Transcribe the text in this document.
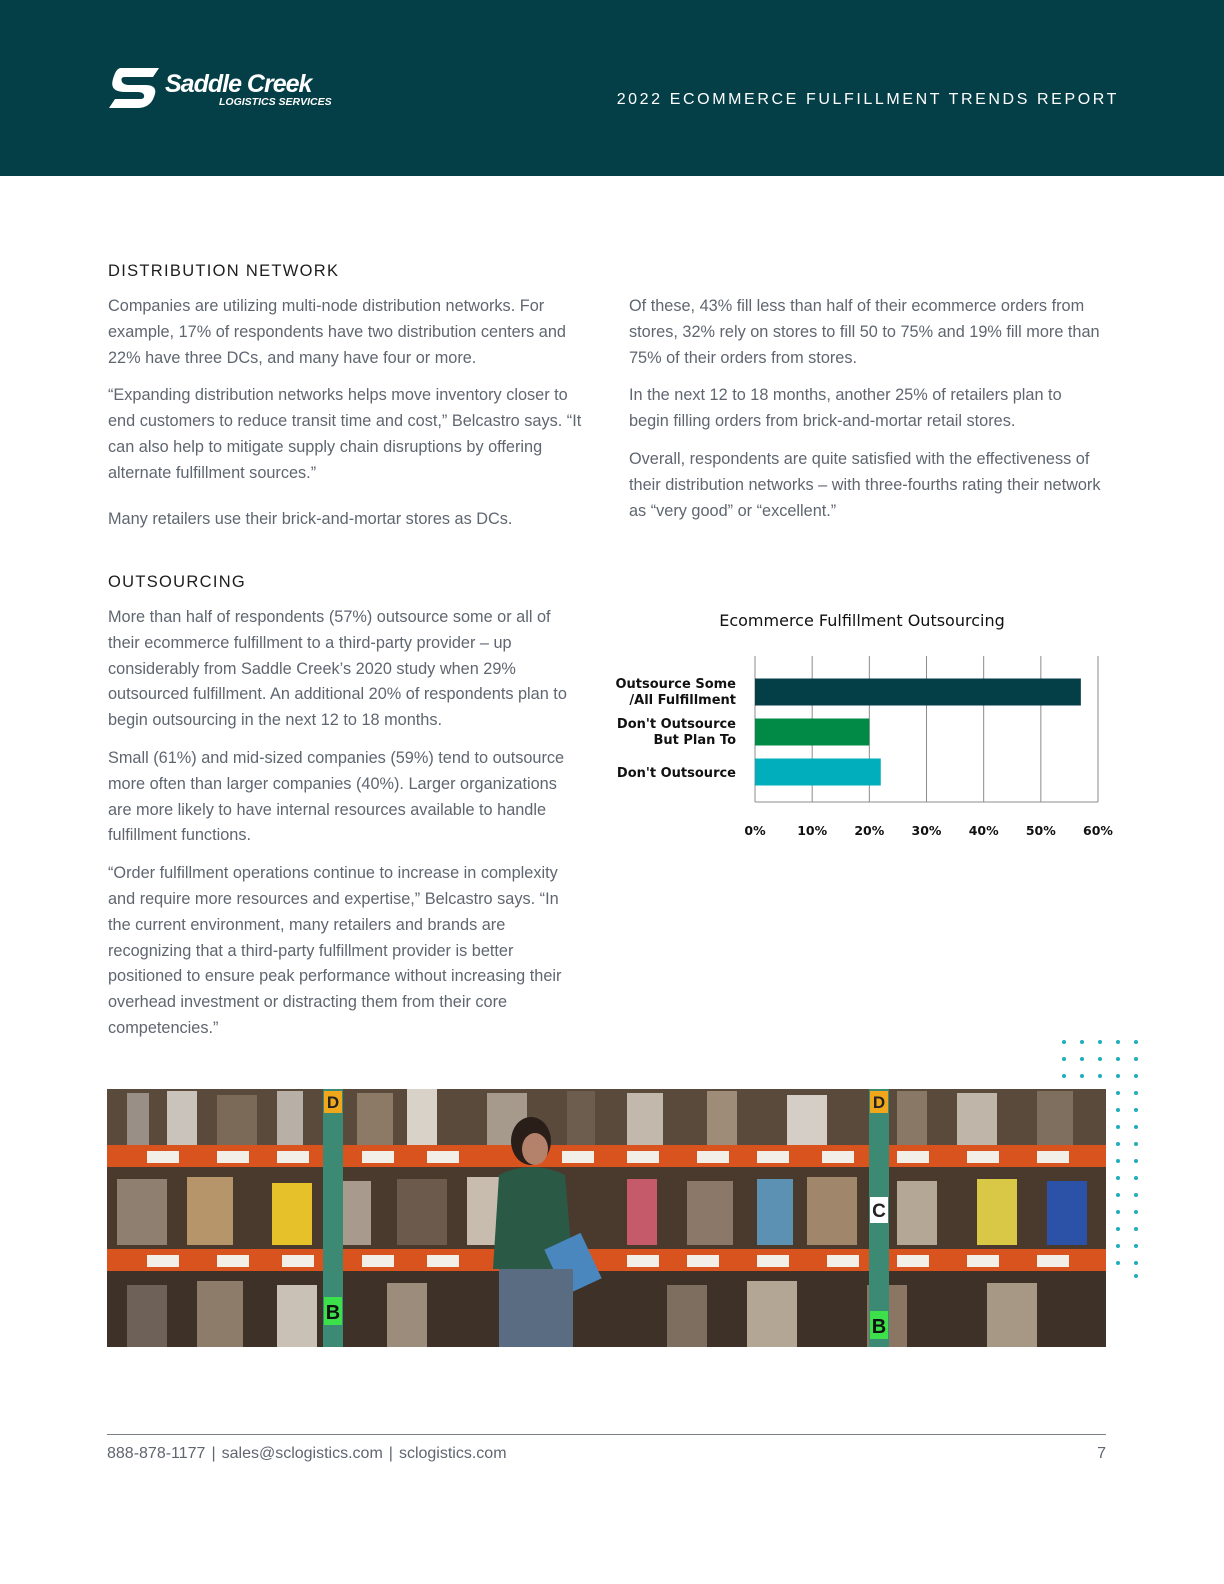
Saddle Creek
LOGISTICS SERVICES	2022 ECOMMERCE FULFILLMENT TRENDS REPORT
DISTRIBUTION NETWORK

Companies are utilizing multi-node distribution networks. For example, 17% of respondents have two distribution centers and 22% have three DCs, and many have four or more.

“Expanding distribution networks helps move inventory closer to end customers to reduce transit time and cost,” Belcastro says. “It can also help to mitigate supply chain disruptions by offering alternate fulfillment sources.”

Many retailers use their brick-and-mortar stores as DCs.

Of these, 43% fill less than half of their ecommerce orders from stores, 32% rely on stores to fill 50 to 75% and 19% fill more than 75% of their orders from stores.

In the next 12 to 18 months, another 25% of retailers plan to begin filling orders from brick-and-mortar retail stores.

Overall, respondents are quite satisfied with the effectiveness of their distribution networks – with three-fourths rating their network as “very good” or “excellent.”

OUTSOURCING

More than half of respondents (57%) outsource some or all of their ecommerce fulfillment to a third-party provider – up considerably from Saddle Creek’s 2020 study when 29% outsourced fulfillment. An additional 20% of respondents plan to begin outsourcing in the next 12 to 18 months.

Small (61%) and mid-sized companies (59%) tend to outsource more often than larger companies (40%). Larger organizations are more likely to have internal resources available to handle fulfillment functions.

“Order fulfillment operations continue to increase in complexity and require more resources and expertise,” Belcastro says. “In the current environment, many retailers and brands are recognizing that a third-party fulfillment provider is better positioned to ensure peak performance without increasing their overhead investment or distracting them from their core competencies.”

Ecommerce Fulfillment Outsourcing
0%	10% 20% 30% 40% 50% 60%
Outsource Some
/All Fulfillment
Don't Outsource
But Plan To
Don't Outsource
D	D
C
B
B
888-878-1177 | sales@sclogistics.com | sclogistics.com	7
